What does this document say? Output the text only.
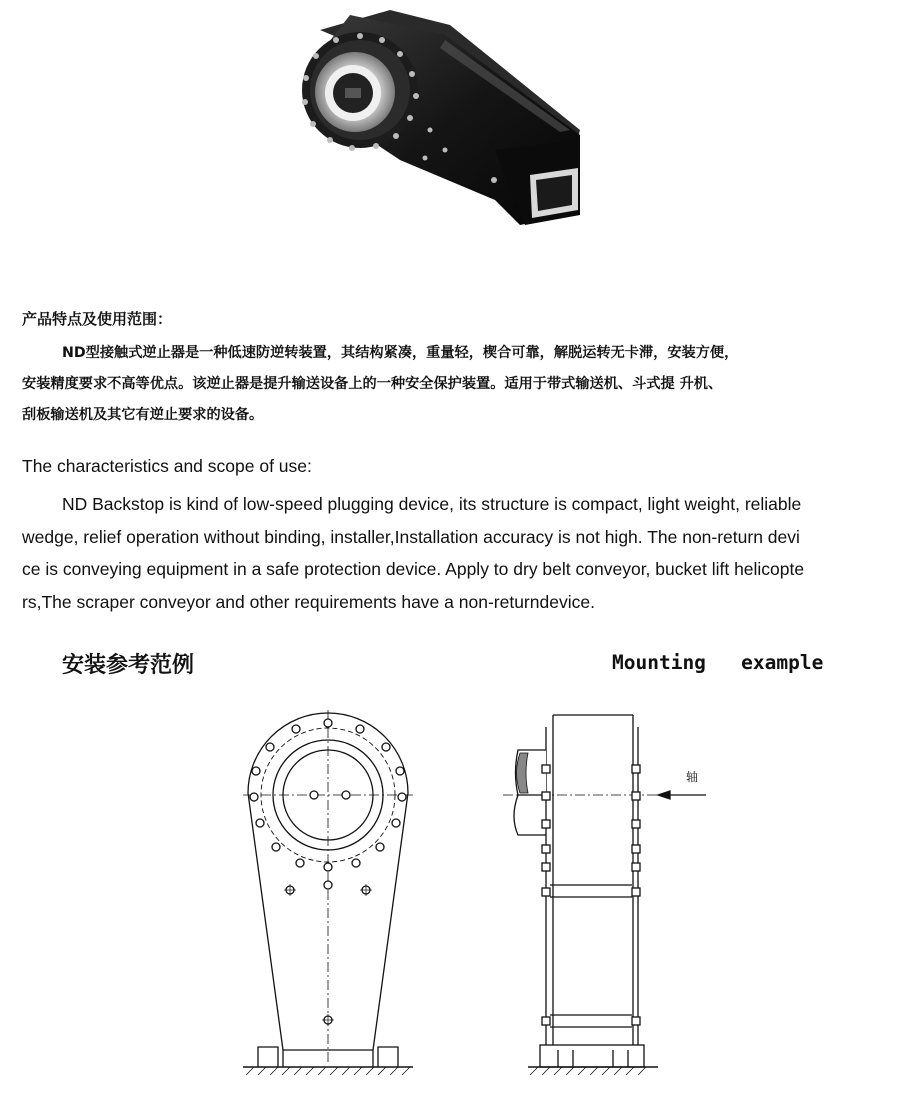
产品特点及使用范围：

ND型接触式逆止器是一种低速防逆转装置，其结构紧凑，重量轻，楔合可靠，解脱运转无卡滞，安装方便，

安装精度要求不高等优点。该逆止器是提升输送设备上的一种安全保护装置。适用于带式输送机、斗式提 升机、

刮板输送机及其它有逆止要求的设备。

The characteristics and scope of use:

ND Backstop is kind of low-speed plugging device, its structure is compact, light weight, reliable

wedge, relief operation without binding, installer,Installation accuracy is not high. The non-return devi

ce is conveying equipment in a safe protection device. Apply to dry belt conveyor, bucket lift helicopte

rs,The scraper conveyor and other requirements have a non-returndevice.

安装参考范例	Mounting   example
轴
